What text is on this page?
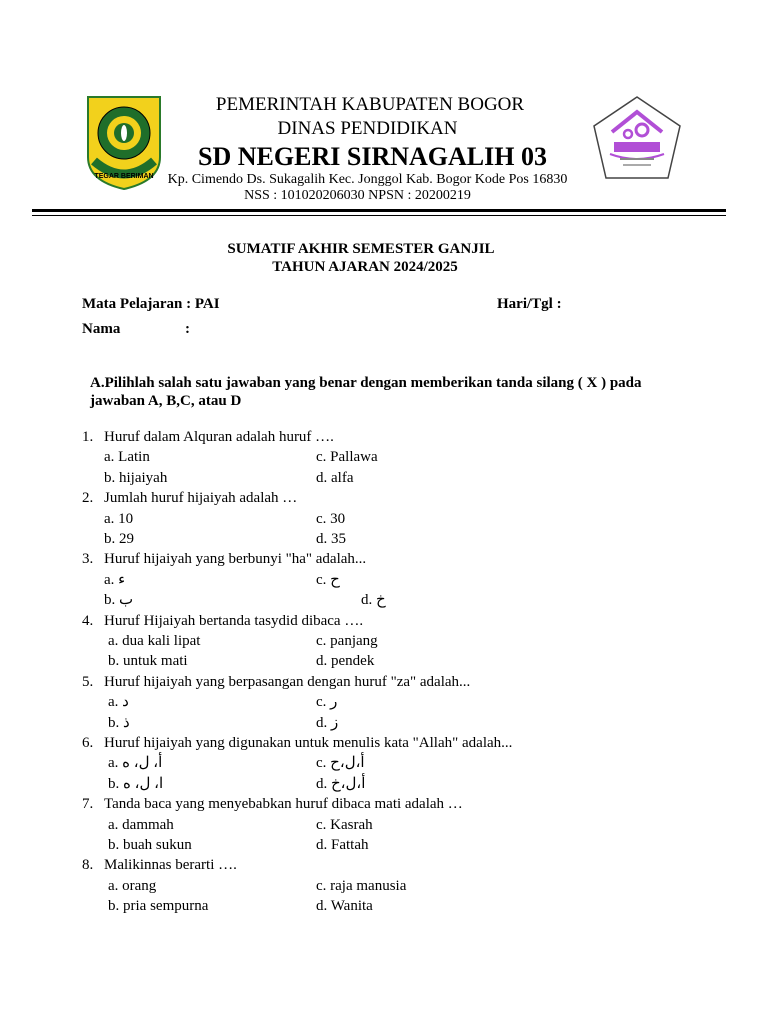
TEGAR BERIMAN
PEMERINTAH KABUPATEN BOGOR
DINAS PENDIDIKAN
SD NEGERI SIRNAGALIH 03
Kp. Cimendo Ds. Sukagalih Kec. Jonggol Kab. Bogor Kode Pos 16830
NSS : 101020206030 NPSN : 20200219
SUMATIF AKHIR SEMESTER GANJIL
TAHUN AJARAN 2024/2025
Mata Pelajaran : PAI	Hari/Tgl :
Nama	:
A.Pilihlah salah satu jawaban yang benar dengan memberikan tanda silang ( X ) pada
jawaban A, B,C, atau D
1. Huruf dalam Alquran adalah huruf ….
a. Latin
b. hijaiyah
c. Pallawa
d. alfa
2. Jumlah huruf hijaiyah adalah …
a. 10
b. 29
c. 30
d. 35
3. Huruf hijaiyah yang berbunyi "ha" adalah...
a. ء
b. ب
c. ح
d. خ
4. Huruf Hijaiyah bertanda tasydid dibaca ….
a. dua kali lipat
b. untuk mati
c. panjang
d. pendek
5. Huruf hijaiyah yang berpasangan dengan huruf "za" adalah...
a. د
b. ذ
c. ر
d. ز
6. Huruf hijaiyah yang digunakan untuk menulis kata "Allah" adalah...
a. أ، ل، ه
b. ا، ل، ه
c. أ،ل،ح
d. أ،ل،خ
7. Tanda baca yang menyebabkan huruf dibaca mati adalah …
a. dammah
b. buah sukun
c. Kasrah
d. Fattah
8. Malikinnas berarti ….
a. orang
b. pria sempurna
c. raja manusia
d. Wanita
